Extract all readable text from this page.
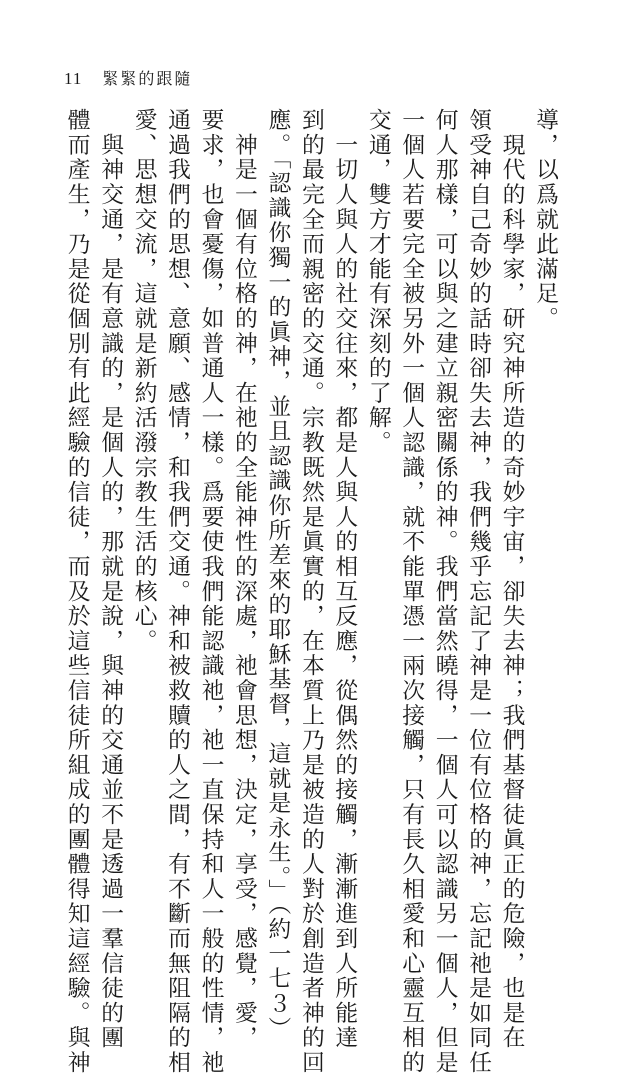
11 緊緊的跟隨
導，以爲就此滿足。
　現代的科學家，研究神所造的奇妙宇宙，卻失去神；我們基督徒眞正的危險，也是在
領受神自己奇妙的話時卻失去神，我們幾乎忘記了神是一位有位格的神，忘記祂是如同任
何人那樣，可以與之建立親密關係的神。我們當然曉得，一個人可以認識另一個人，但是
一個人若要完全被另外一個人認識，就不能單憑一兩次接觸，只有長久相愛和心靈互相的
交通，雙方才能有深刻的了解。
　一切人與人的社交往來，都是人與人的相互反應，從偶然的接觸，漸漸進到人所能達
到的最完全而親密的交通。宗教既然是眞實的，在本質上乃是被造的人對於創造者神的回
應。「認識你獨一的眞神，並且認識你所差來的耶穌基督，這就是永生。」（約一七３）
　神是一個有位格的神，在祂的全能神性的深處，祂會思想，決定，享受，感覺，愛，
要求，也會憂傷，如普通人一樣。爲要使我們能認識祂，祂一直保持和人一般的性情，祂
通過我們的思想、意願、感情，和我們交通。神和被救贖的人之間，有不斷而無阻隔的相
愛、思想交流，這就是新約活潑宗教生活的核心。
　與神交通，是有意識的，是個人的，那就是說，與神的交通並不是透過一羣信徒的團
體而產生，乃是從個別有此經驗的信徒，而及於這些信徒所組成的團體得知這經驗。與神
